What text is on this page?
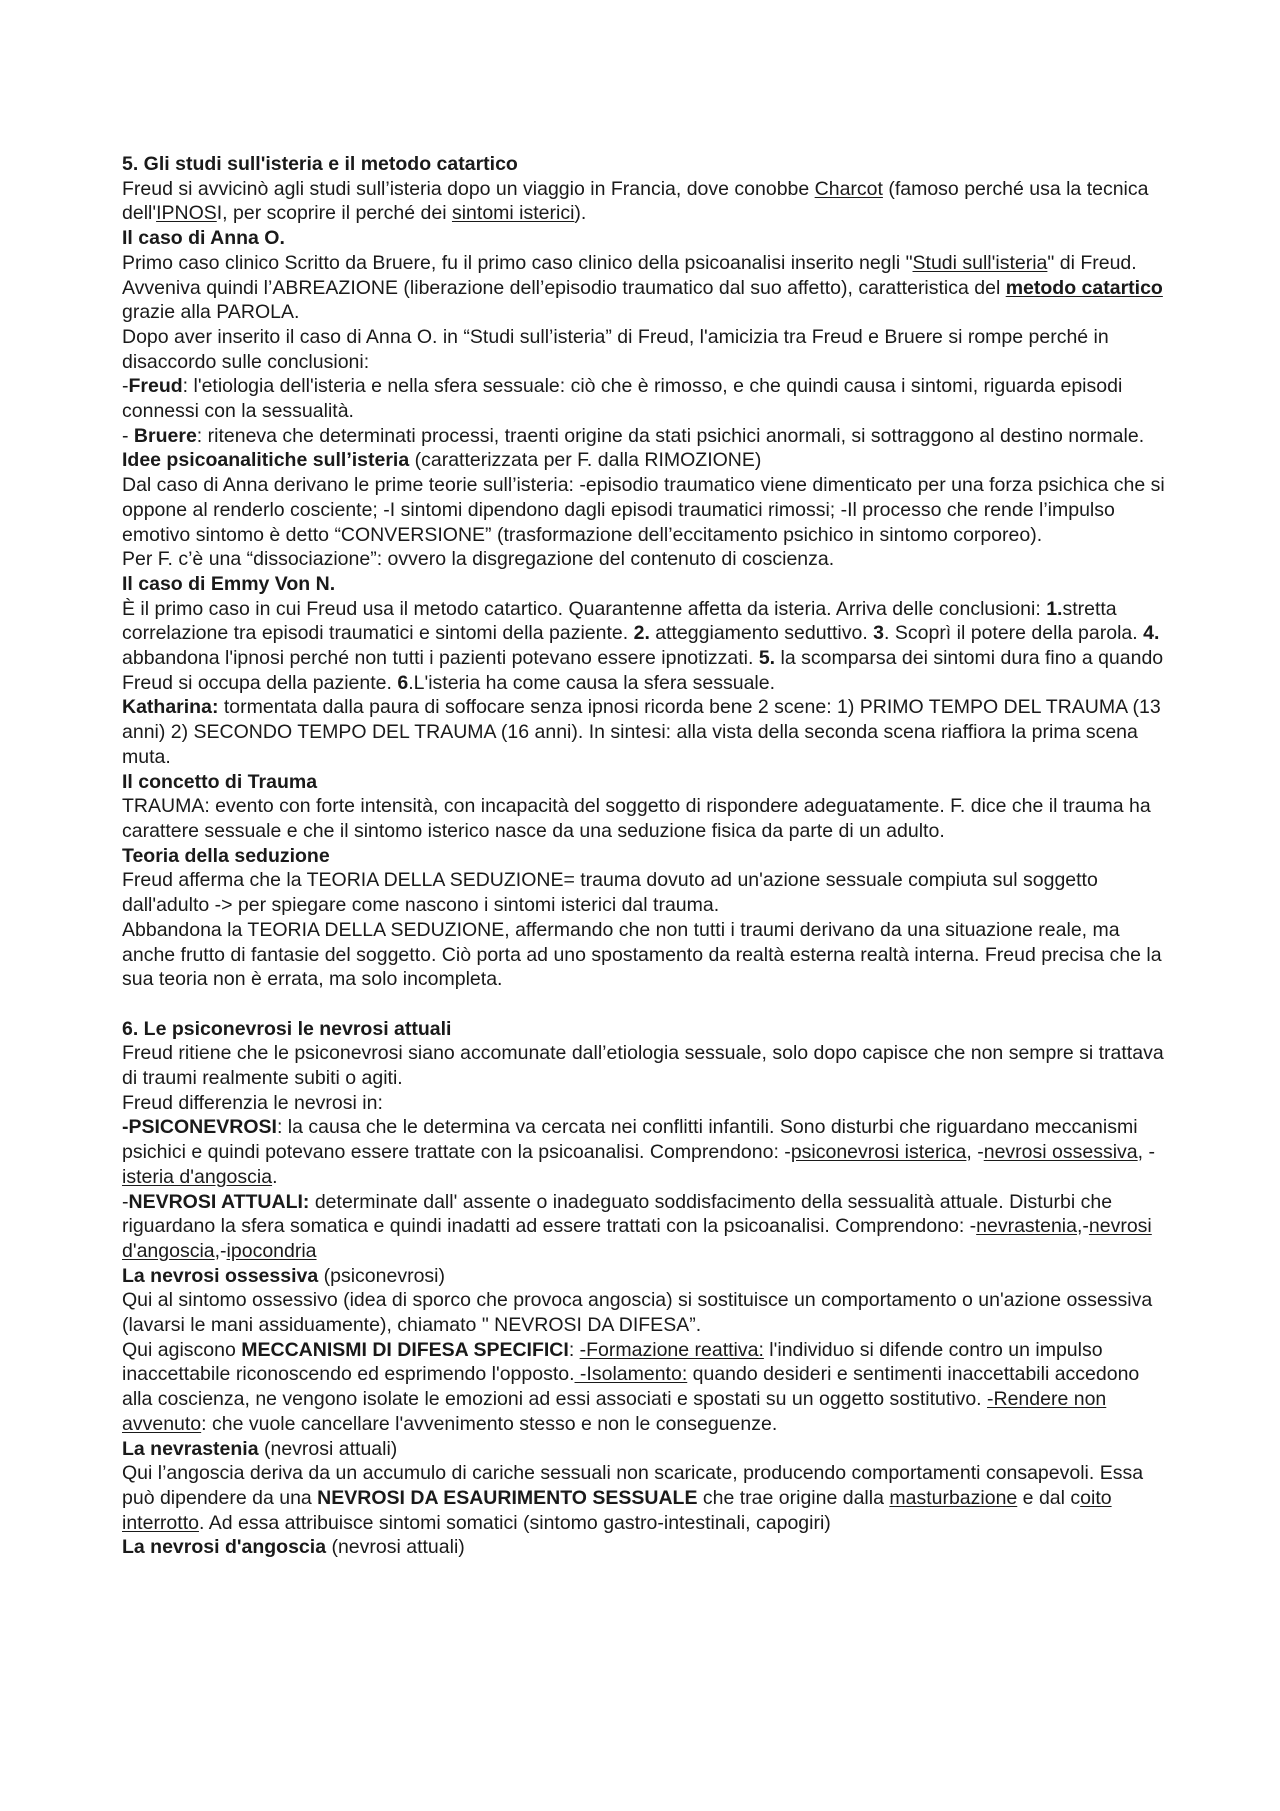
5. Gli studi sull'isteria e il metodo catartico

Freud si avvicinò agli studi sull’isteria dopo un viaggio in Francia, dove conobbe Charcot (famoso perché usa la tecnica dell'IPNOSI, per scoprire il perché dei sintomi isterici).

Il caso di Anna O.

Primo caso clinico Scritto da Bruere, fu il primo caso clinico della psicoanalisi inserito negli "Studi sull'isteria" di Freud. Avveniva quindi l’ABREAZIONE (liberazione dell’episodio traumatico dal suo affetto), caratteristica del metodo catartico grazie alla PAROLA.

Dopo aver inserito il caso di Anna O. in “Studi sull’isteria” di Freud, l'amicizia tra Freud e Bruere si rompe perché in disaccordo sulle conclusioni:

-Freud: l'etiologia dell'isteria e nella sfera sessuale: ciò che è rimosso, e che quindi causa i sintomi, riguarda episodi connessi con la sessualità.

- Bruere: riteneva che determinati processi, traenti origine da stati psichici anormali, si sottraggono al destino normale.

Idee psicoanalitiche sull’isteria (caratterizzata per F. dalla RIMOZIONE)

Dal caso di Anna derivano le prime teorie sull’isteria: -episodio traumatico viene dimenticato per una forza psichica che si oppone al renderlo cosciente; -I sintomi dipendono dagli episodi traumatici rimossi; -Il processo che rende l’impulso emotivo sintomo è detto “CONVERSIONE” (trasformazione dell’eccitamento psichico in sintomo corporeo).

Per F. c’è una “dissociazione”: ovvero la disgregazione del contenuto di coscienza.

Il caso di Emmy Von N.

È il primo caso in cui Freud usa il metodo catartico. Quarantenne affetta da isteria. Arriva delle conclusioni: 1.stretta correlazione tra episodi traumatici e sintomi della paziente. 2. atteggiamento seduttivo. 3. Scoprì il potere della parola. 4. abbandona l'ipnosi perché non tutti i pazienti potevano essere ipnotizzati. 5. la scomparsa dei sintomi dura fino a quando Freud si occupa della paziente. 6.L'isteria ha come causa la sfera sessuale.

Katharina: tormentata dalla paura di soffocare senza ipnosi ricorda bene 2 scene: 1) PRIMO TEMPO DEL TRAUMA (13 anni) 2) SECONDO TEMPO DEL TRAUMA (16 anni). In sintesi: alla vista della seconda scena riaffiora la prima scena muta.

Il concetto di Trauma

TRAUMA: evento con forte intensità, con incapacità del soggetto di rispondere adeguatamente. F. dice che il trauma ha carattere sessuale e che il sintomo isterico nasce da una seduzione fisica da parte di un adulto.

Teoria della seduzione

Freud afferma che la TEORIA DELLA SEDUZIONE= trauma dovuto ad un'azione sessuale compiuta sul soggetto dall'adulto -> per spiegare come nascono i sintomi isterici dal trauma.

Abbandona la TEORIA DELLA SEDUZIONE, affermando che non tutti i traumi derivano da una situazione reale, ma anche frutto di fantasie del soggetto. Ciò porta ad uno spostamento da realtà esterna realtà interna. Freud precisa che la sua teoria non è errata, ma solo incompleta.

6. Le psiconevrosi le nevrosi attuali

Freud ritiene che le psiconevrosi siano accomunate dall’etiologia sessuale, solo dopo capisce che non sempre si trattava di traumi realmente subiti o agiti.

Freud differenzia le nevrosi in:

-PSICONEVROSI: la causa che le determina va cercata nei conflitti infantili. Sono disturbi che riguardano meccanismi psichici e quindi potevano essere trattate con la psicoanalisi. Comprendono: -psiconevrosi isterica, -nevrosi ossessiva, -isteria d'angoscia.

-NEVROSI ATTUALI: determinate dall' assente o inadeguato soddisfacimento della sessualità attuale. Disturbi che riguardano la sfera somatica e quindi inadatti ad essere trattati con la psicoanalisi. Comprendono: -nevrastenia,-nevrosi d'angoscia,-ipocondria

La nevrosi ossessiva (psiconevrosi)

Qui al sintomo ossessivo (idea di sporco che provoca angoscia) si sostituisce un comportamento o un'azione ossessiva (lavarsi le mani assiduamente), chiamato " NEVROSI DA DIFESA”.

Qui agiscono MECCANISMI DI DIFESA SPECIFICI: -Formazione reattiva: l'individuo si difende contro un impulso inaccettabile riconoscendo ed esprimendo l'opposto. -Isolamento: quando desideri e sentimenti inaccettabili accedono alla coscienza, ne vengono isolate le emozioni ad essi associati e spostati su un oggetto sostitutivo. -Rendere non avvenuto: che vuole cancellare l'avvenimento stesso e non le conseguenze.

La nevrastenia (nevrosi attuali)

Qui l’angoscia deriva da un accumulo di cariche sessuali non scaricate, producendo comportamenti consapevoli. Essa può dipendere da una NEVROSI DA ESAURIMENTO SESSUALE che trae origine dalla masturbazione e dal coito interrotto. Ad essa attribuisce sintomi somatici (sintomo gastro-intestinali, capogiri)

La nevrosi d'angoscia (nevrosi attuali)
